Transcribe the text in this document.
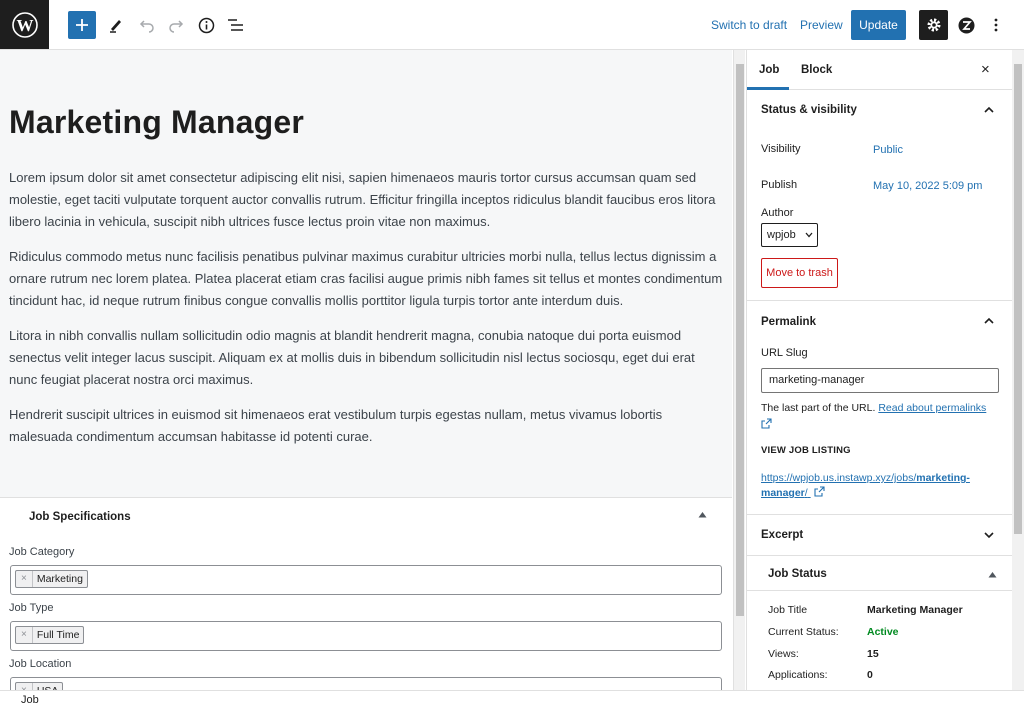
W	Switch to draft Preview	Update
Marketing Manager

Lorem ipsum dolor sit amet consectetur adipiscing elit nisi, sapien himenaeos mauris tortor cursus accumsan quam sed molestie, eget taciti vulputate torquent auctor convallis rutrum. Efficitur fringilla inceptos ridiculus blandit faucibus eros litora libero lacinia in vehicula, suscipit nibh ultrices fusce lectus proin vitae non maximus.

Ridiculus commodo metus nunc facilisis penatibus pulvinar maximus curabitur ultricies morbi nulla, tellus lectus dignissim a ornare rutrum nec lorem platea. Platea placerat etiam cras facilisi augue primis nibh fames sit tellus et montes condimentum tincidunt hac, id neque rutrum finibus congue convallis mollis porttitor ligula turpis tortor ante interdum duis.

Litora in nibh convallis nullam sollicitudin odio magnis at blandit hendrerit magna, conubia natoque dui porta euismod senectus velit integer lacus suscipit. Aliquam ex at mollis duis in bibendum sollicitudin nisl lectus sociosqu, eget dui erat nunc feugiat placerat nostra orci maximus.

Hendrerit suscipit ultrices in euismod sit himenaeos erat vestibulum turpis egestas nullam, metus vivamus lobortis malesuada condimentum accumsan habitasse id potenti curae.

Job Specifications
Job Category
× Marketing
Job Type
× Full Time
Job Location
Job Block	×
Status & visibility
Visibility	Public
Publish	May 10, 2022 5:09 pm
Author
wpjob
Move to trash
Permalink
URL Slug
marketing-manager
The last part of the URL. Read about permalinks

VIEW JOB LISTING
https://wpjob.us.instawp.xyz/jobs/marketing-manager/
Excerpt
Job Status
Job Title	Marketing Manager
Current Status:	Active
Views:	15
Applications:	0
Job
